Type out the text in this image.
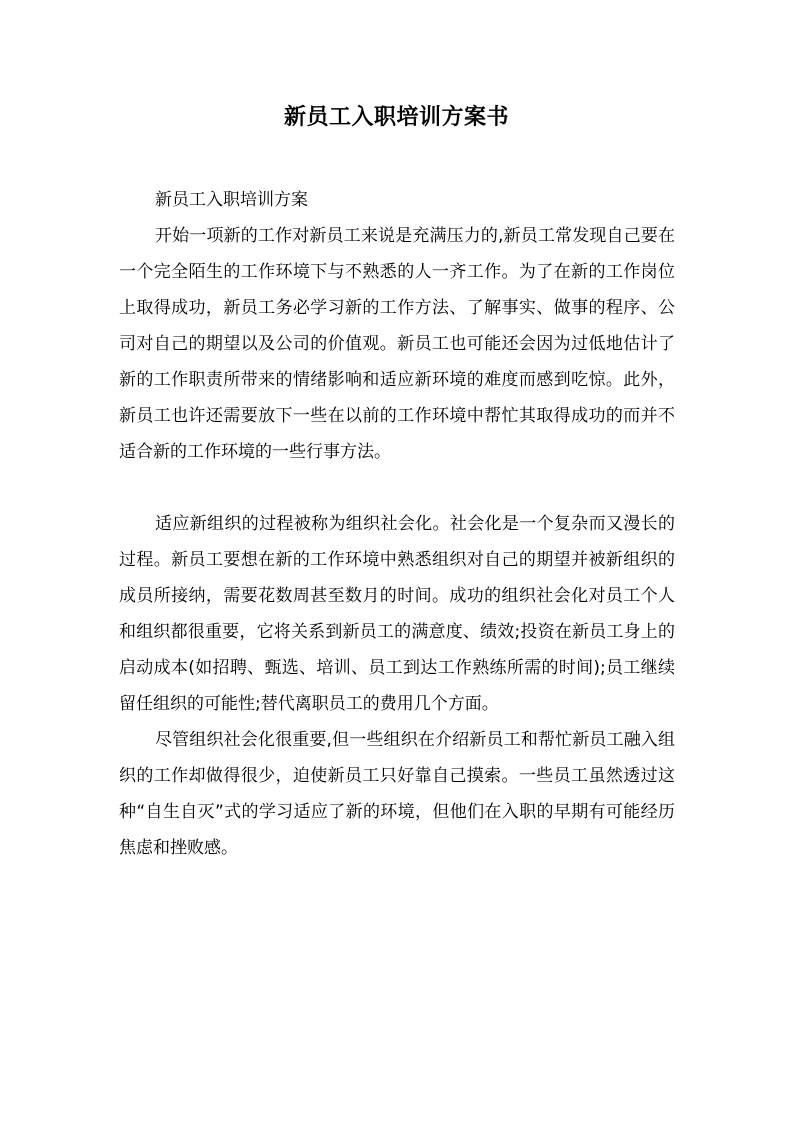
新员工入职培训方案书

新员工入职培训方案

开始一项新的工作对新员工来说是充满压力的,新员工常发现自己要在一个完全陌生的工作环境下与不熟悉的人一齐工作。为了在新的工作岗位上取得成功，新员工务必学习新的工作方法、了解事实、做事的程序、公司对自己的期望以及公司的价值观。新员工也可能还会因为过低地估计了新的工作职责所带来的情绪影响和适应新环境的难度而感到吃惊。此外，新员工也许还需要放下一些在以前的工作环境中帮忙其取得成功的而并不适合新的工作环境的一些行事方法。

适应新组织的过程被称为组织社会化。社会化是一个复杂而又漫长的过程。新员工要想在新的工作环境中熟悉组织对自己的期望并被新组织的成员所接纳，需要花数周甚至数月的时间。成功的组织社会化对员工个人和组织都很重要，它将关系到新员工的满意度、绩效;投资在新员工身上的启动成本(如招聘、甄选、培训、员工到达工作熟练所需的时间);员工继续留任组织的可能性;替代离职员工的费用几个方面。

尽管组织社会化很重要,但一些组织在介绍新员工和帮忙新员工融入组织的工作却做得很少，迫使新员工只好靠自己摸索。一些员工虽然透过这种“自生自灭”式的学习适应了新的环境，但他们在入职的早期有可能经历焦虑和挫败感。
